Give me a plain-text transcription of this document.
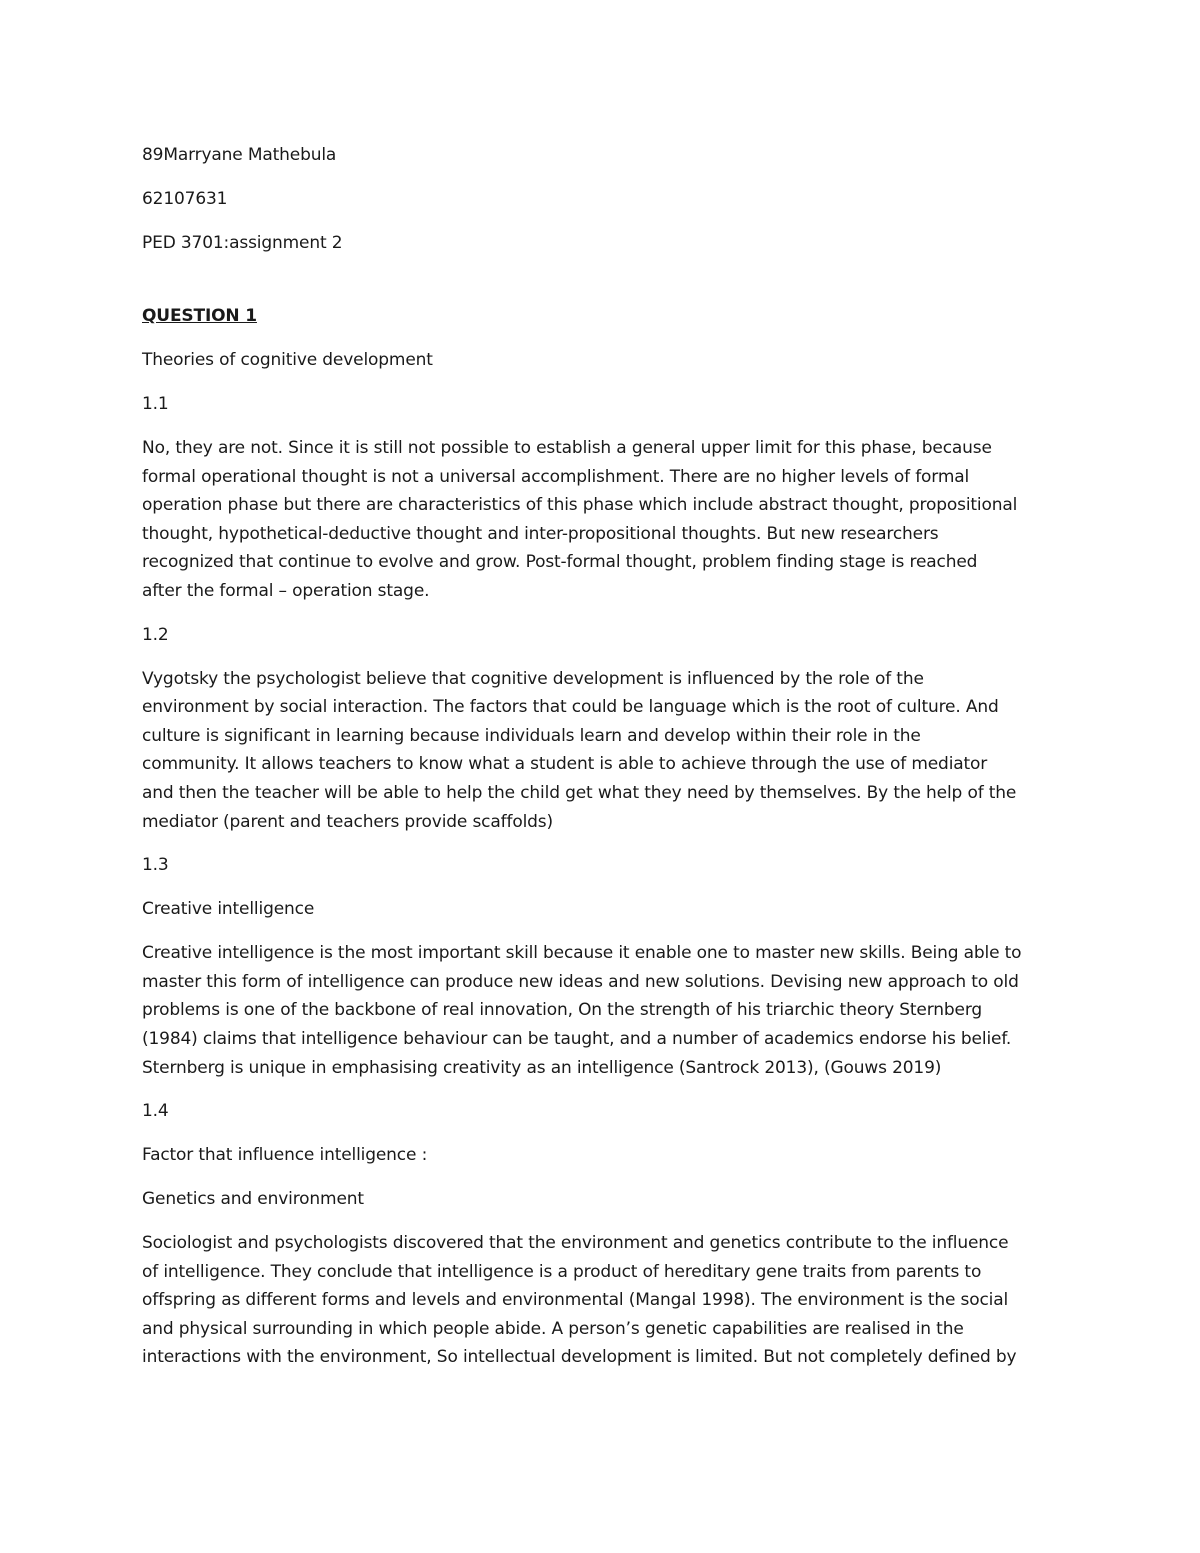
89Marryane Mathebula

62107631

PED 3701:assignment 2

QUESTION 1

Theories of cognitive development

1.1

No, they are not. Since it is still not possible to establish a general upper limit for this phase, because

formal operational thought is not a universal accomplishment. There are no higher levels of formal

operation phase but there are characteristics of this phase which include abstract thought, propositional

thought, hypothetical-deductive thought and inter-propositional thoughts. But new researchers

recognized that continue to evolve and grow. Post-formal thought, problem finding stage is reached

after the formal – operation stage.

1.2

Vygotsky the psychologist believe that cognitive development is influenced by the role of the

environment by social interaction. The factors that could be language which is the root of culture. And

culture is significant in learning because individuals learn and develop within their role in the

community. It allows teachers to know what a student is able to achieve through the use of mediator

and then the teacher will be able to help the child get what they need by themselves. By the help of the

mediator (parent and teachers provide scaffolds)

1.3

Creative intelligence

Creative intelligence is the most important skill because it enable one to master new skills. Being able to

master this form of intelligence can produce new ideas and new solutions. Devising new approach to old

problems is one of the backbone of real innovation, On the strength of his triarchic theory Sternberg

(1984) claims that intelligence behaviour can be taught, and a number of academics endorse his belief.

Sternberg is unique in emphasising creativity as an intelligence (Santrock 2013), (Gouws 2019)

1.4

Factor that influence intelligence :

Genetics and environment

Sociologist and psychologists discovered that the environment and genetics contribute to the influence

of intelligence. They conclude that intelligence is a product of hereditary gene traits from parents to

offspring as different forms and levels and environmental (Mangal 1998). The environment is the social

and physical surrounding in which people abide. A person’s genetic capabilities are realised in the

interactions with the environment, So intellectual development is limited. But not completely defined by
